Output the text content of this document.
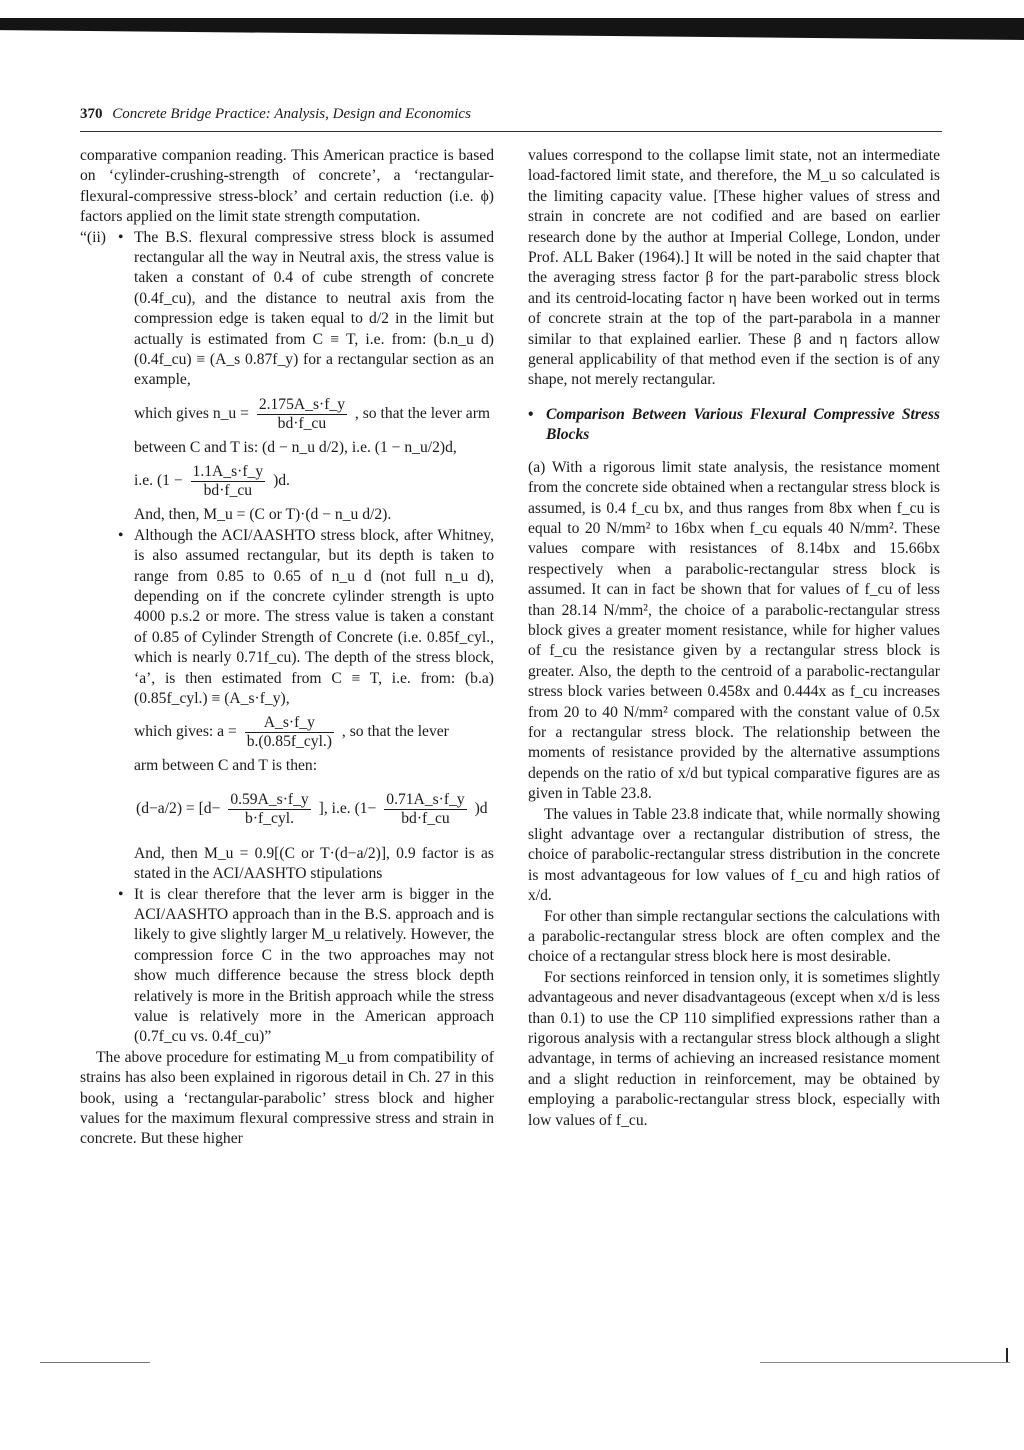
370 Concrete Bridge Practice: Analysis, Design and Economics

comparative companion reading. This American practice is based on ‘cylinder-crushing-strength of concrete’, a ‘rectangular-flexural-compressive stress-block’ and certain reduction (i.e. ϕ) factors applied on the limit state strength computation.

“(ii) • The B.S. flexural compressive stress block is assumed rectangular all the way in Neutral axis, the stress value is taken a constant of 0.4 of cube strength of concrete (0.4f_cu), and the distance to neutral axis from the compression edge is taken equal to d/2 in the limit but actually is estimated from C ≡ T, i.e. from: (b.n_u d)(0.4f_cu) ≡ (A_s 0.87f_y) for a rectangular section as an example,

which gives n_u = $\frac{2.175A\_s\cdot f\_y}{bd\cdot f\_cu}$ , so that the lever arm

between C and T is: (d − n_u d/2), i.e. (1 − n_u/2)d,

i.e. $(1 - \frac{1.1A\_s\cdot f\_y}{bd\cdot f\_cu} )d$.

And, then, M_u = (C or T)·(d − n_u d/2).

• Although the ACI/AASHTO stress block, after Whitney, is also assumed rectangular, but its depth is taken to range from 0.85 to 0.65 of n_u d (not full n_u d), depending on if the concrete cylinder strength is upto 4000 p.s.2 or more. The stress value is taken a constant of 0.85 of Cylinder Strength of Concrete (i.e. 0.85f_cyl., which is nearly 0.71f_cu). The depth of the stress block, ‘a’, is then estimated from C ≡ T, i.e. from: (b.a)(0.85f_cyl.) ≡ (A_s·f_y),

which gives: a =
A_s·f_y
b.(0.85f_cyl.)
, so that the lever

arm between C and T is then:

(d−a/2) = [d−
0.59A_s·f_y
b·f_cyl.
], i.e. $(1- \frac{0.71A\_s\cdot f\_y}{bd\cdot f\_cu} )d$

And, then M_u = 0.9[(C or T·(d−a/2)], 0.9 factor is as stated in the ACI/AASHTO stipulations

• It is clear therefore that the lever arm is bigger in the ACI/AASHTO approach than in the B.S. approach and is likely to give slightly larger M_u relatively. However, the compression force C in the two approaches may not show much difference because the stress block depth relatively is more in the British approach while the stress value is relatively more in the American approach (0.7f_cu vs. 0.4f_cu)”

The above procedure for estimating M_u from compatibility of strains has also been explained in rigorous detail in Ch. 27 in this book, using a ‘rectangular-parabolic’ stress block and higher values for the maximum flexural compressive stress and strain in concrete. But these higher

values correspond to the collapse limit state, not an intermediate load-factored limit state, and therefore, the M_u so calculated is the limiting capacity value. [These higher values of stress and strain in concrete are not codified and are based on earlier research done by the author at Imperial College, London, under Prof. ALL Baker (1964).] It will be noted in the said chapter that the averaging stress factor β for the part-parabolic stress block and its centroid-locating factor η have been worked out in terms of concrete strain at the top of the part-parabola in a manner similar to that explained earlier. These β and η factors allow general applicability of that method even if the section is of any shape, not merely rectangular.

• Comparison Between Various Flexural Compressive Stress Blocks

(a) With a rigorous limit state analysis, the resistance moment from the concrete side obtained when a rectangular stress block is assumed, is 0.4 f_cu bx, and thus ranges from 8bx when f_cu is equal to 20 N/mm² to 16bx when f_cu equals 40 N/mm². These values compare with resistances of 8.14bx and 15.66bx respectively when a parabolic-rectangular stress block is assumed. It can in fact be shown that for values of f_cu of less than 28.14 N/mm², the choice of a parabolic-rectangular stress block gives a greater moment resistance, while for higher values of f_cu the resistance given by a rectangular stress block is greater. Also, the depth to the centroid of a parabolic-rectangular stress block varies between 0.458x and 0.444x as f_cu increases from 20 to 40 N/mm² compared with the constant value of 0.5x for a rectangular stress block. The relationship between the moments of resistance provided by the alternative assumptions depends on the ratio of x/d but typical comparative figures are as given in Table 23.8.

The values in Table 23.8 indicate that, while normally showing slight advantage over a rectangular distribution of stress, the choice of parabolic-rectangular stress distribution in the concrete is most advantageous for low values of f_cu and high ratios of x/d.

For other than simple rectangular sections the calculations with a parabolic-rectangular stress block are often complex and the choice of a rectangular stress block here is most desirable.

For sections reinforced in tension only, it is sometimes slightly advantageous and never disadvantageous (except when x/d is less than 0.1) to use the CP 110 simplified expressions rather than a rigorous analysis with a rectangular stress block although a slight advantage, in terms of achieving an increased resistance moment and a slight reduction in reinforcement, may be obtained by employing a parabolic-rectangular stress block, especially with low values of f_cu.
